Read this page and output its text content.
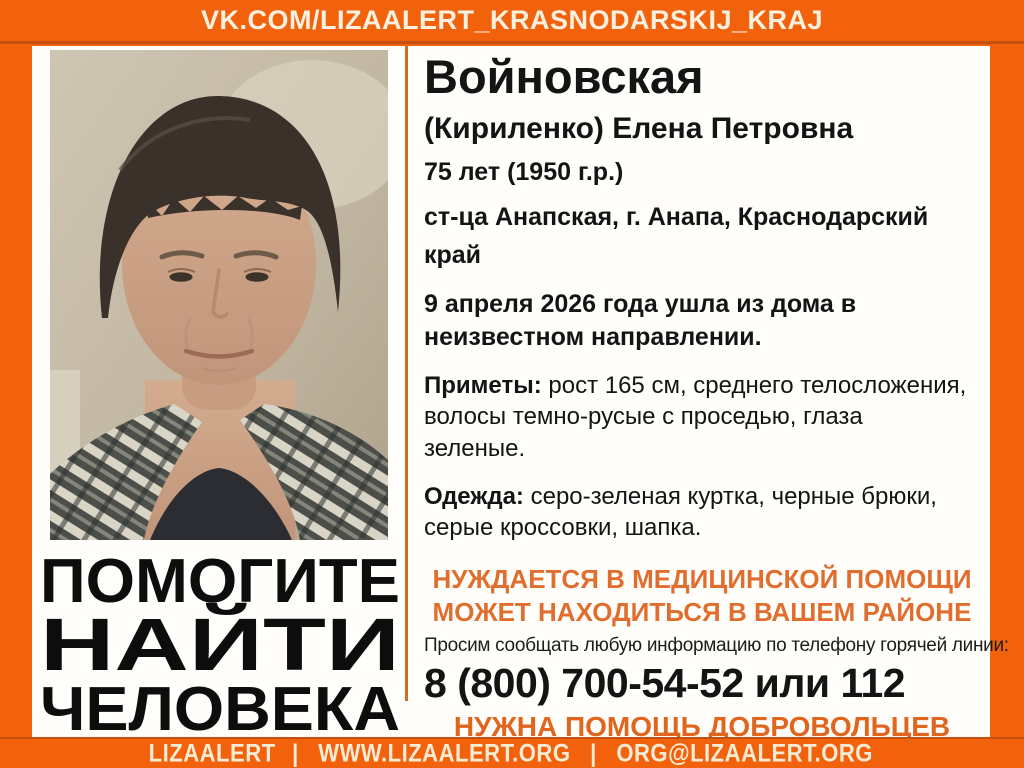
VK.COM/LIZAALERT_KRASNODARSKIJ_KRAJ
ПОМОГИТЕ
НАЙТИ
ЧЕЛОВЕКА
Войновская
(Кириленко) Елена Петровна
75 лет (1950 г.р.)
ст-ца Анапская, г. Анапа, Краснодарский край
9 апреля 2026 года ушла из дома в неизвестном направлении.

Приметы: рост 165 см, среднего телосложения, волосы темно-русые с проседью, глаза зеленые.

Одежда: серо-зеленая куртка, черные брюки, серые кроссовки, шапка.

НУЖДАЕТСЯ В МЕДИЦИНСКОЙ ПОМОЩИ
МОЖЕТ НАХОДИТЬСЯ В ВАШЕМ РАЙОНЕ
Просим сообщать любую информацию по телефону горячей линии:
8 (800) 700-54-52 или 112
НУЖНА ПОМОЩЬ ДОБРОВОЛЬЦЕВ
LIZAALERT | WWW.LIZAALERT.ORG | ORG@LIZAALERT.ORG
